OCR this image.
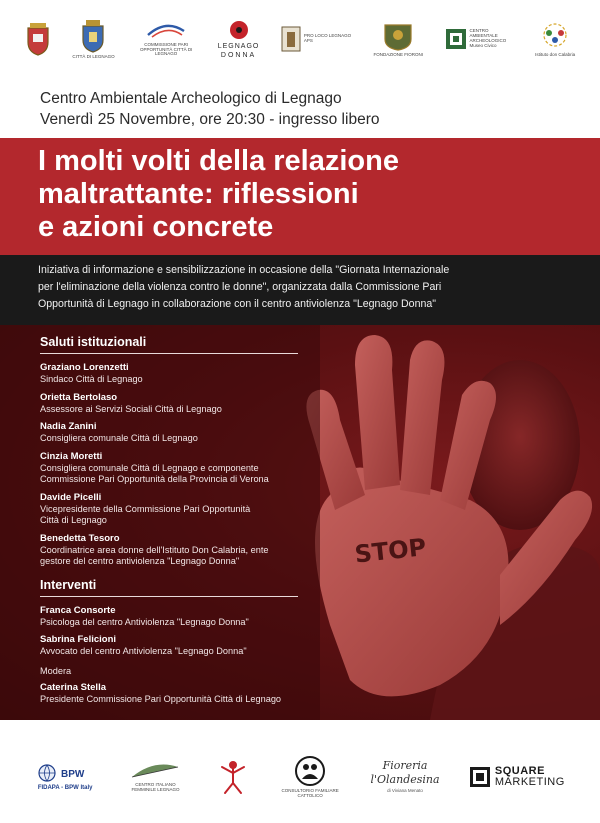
CITTÀ DI LEGNAGO
COMMISSIONE PARI OPPORTUNITÀ CITTÀ DI LEGNAGO
LEGNAGO
DONNA
PRO LOCO LEGNAGO APS
FONDAZIONE FIORONI
CENTRO AMBIENTALE ARCHEOLOGICO Museo Civico
Istituto don Calabria
Centro Ambientale Archeologico di Legnago
Venerdì 25 Novembre, ore 20:30 - ingresso libero
I molti volti della relazione
maltrattante: riflessioni
e azioni concrete
Iniziativa di informazione e sensibilizzazione in occasione della "Giornata Internazionale
per l'eliminazione della violenza contro le donne", organizzata dalla Commissione Pari
Opportunità di Legnago in collaborazione con il centro antiviolenza "Legnago Donna"
STOP
Saluti istituzionali
Graziano Lorenzetti
Sindaco Città di Legnago
Orietta Bertolaso
Assessore ai Servizi Sociali Città di Legnago
Nadia Zanini
Consigliera comunale Città di Legnago
Cinzia Moretti
Consigliera comunale Città di Legnago e componente
Commissione Pari Opportunità della Provincia di Verona
Davide Picelli
Vicepresidente della Commissione Pari Opportunità
Città di Legnago
Benedetta Tesoro
Coordinatrice area donne dell'Istituto Don Calabria, ente
gestore del centro antiviolenza "Legnago Donna"
Interventi
Franca Consorte
Psicologa del centro Antiviolenza "Legnago Donna"
Sabrina Felicioni
Avvocato del centro Antiviolenza "Legnago Donna"
Modera
Caterina Stella
Presidente Commissione Pari Opportunità Città di Legnago
BPW
FIDAPA - BPW Italy
CENTRO ITALIANO FEMMINILE LEGNAGO	CONSULTORIO FAMILIARE CATTOLICO
Fioreria
l'Olandesina
di Viviana Menato
SQUARE
MARKETING
